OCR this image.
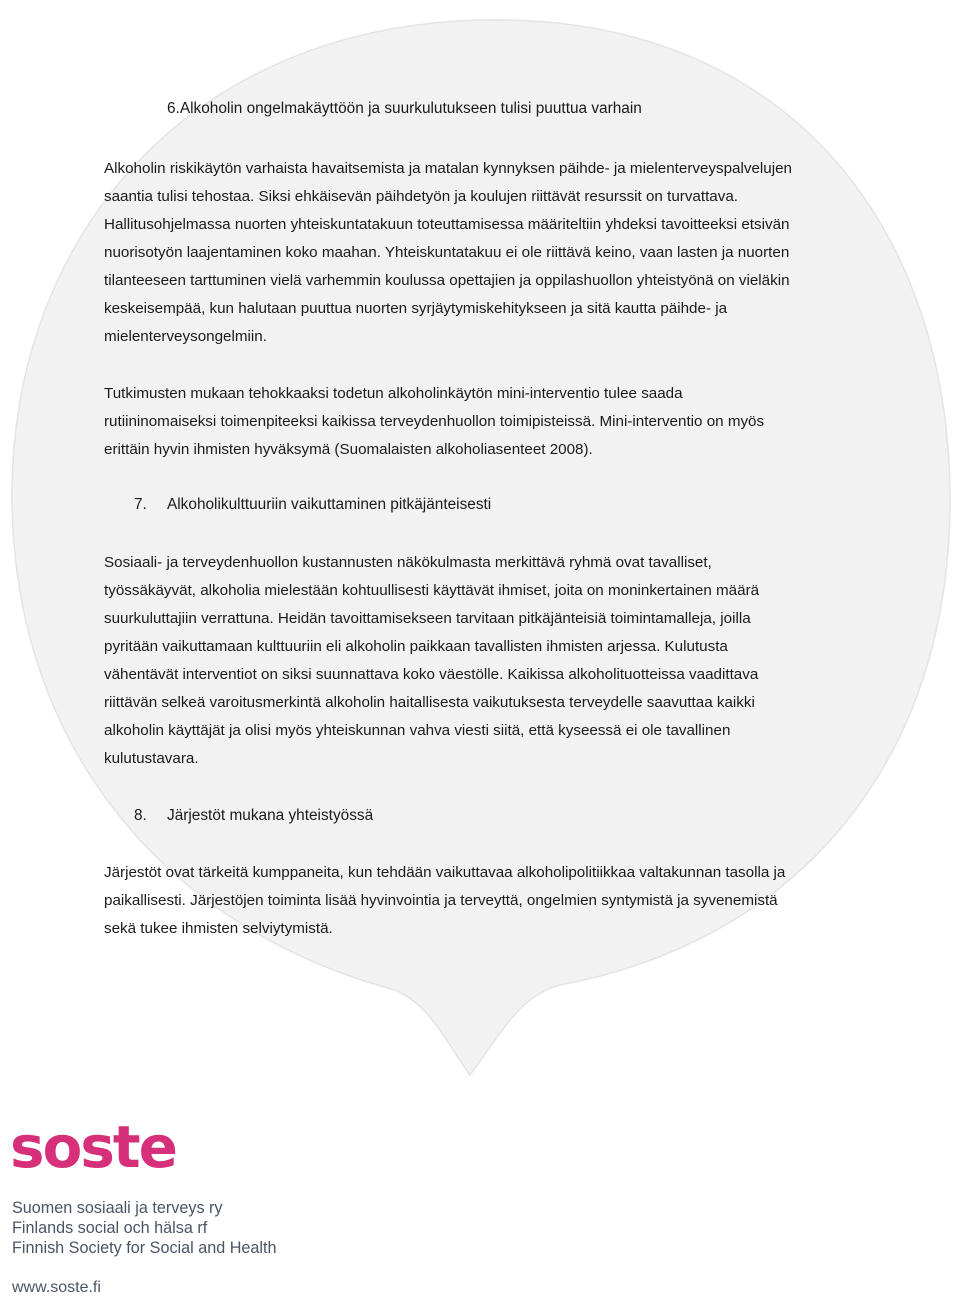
6.Alkoholin ongelmakäyttöön ja suurkulutukseen tulisi puuttua varhain

Alkoholin riskikäytön varhaista havaitsemista ja matalan kynnyksen päihde- ja mielenterveyspalvelujen

saantia tulisi tehostaa. Siksi ehkäisevän päihdetyön ja koulujen riittävät resurssit on turvattava.

Hallitusohjelmassa nuorten yhteiskuntatakuun toteuttamisessa määriteltiin yhdeksi tavoitteeksi etsivän

nuorisotyön laajentaminen koko maahan. Yhteiskuntatakuu ei ole riittävä keino, vaan lasten ja nuorten

tilanteeseen tarttuminen vielä varhemmin koulussa opettajien ja oppilashuollon yhteistyönä on vieläkin

keskeisempää, kun halutaan puuttua nuorten syrjäytymiskehitykseen ja sitä kautta päihde- ja

mielenterveysongelmiin.

Tutkimusten mukaan tehokkaaksi todetun alkoholinkäytön mini-interventio tulee saada

rutiininomaiseksi toimenpiteeksi kaikissa terveydenhuollon toimipisteissä. Mini-interventio on myös

erittäin hyvin ihmisten hyväksymä (Suomalaisten alkoholiasenteet 2008).

7. Alkoholikulttuuriin vaikuttaminen pitkäjänteisesti

Sosiaali- ja terveydenhuollon kustannusten näkökulmasta merkittävä ryhmä ovat tavalliset,

työssäkäyvät, alkoholia mielestään kohtuullisesti käyttävät ihmiset, joita on moninkertainen määrä

suurkuluttajiin verrattuna. Heidän tavoittamisekseen tarvitaan pitkäjänteisiä toimintamalleja, joilla

pyritään vaikuttamaan kulttuuriin eli alkoholin paikkaan tavallisten ihmisten arjessa. Kulutusta

vähentävät interventiot on siksi suunnattava koko väestölle. Kaikissa alkoholituotteissa vaadittava

riittävän selkeä varoitusmerkintä alkoholin haitallisesta vaikutuksesta terveydelle saavuttaa kaikki

alkoholin käyttäjät ja olisi myös yhteiskunnan vahva viesti siitä, että kyseessä ei ole tavallinen

kulutustavara.

8. Järjestöt mukana yhteistyössä

Järjestöt ovat tärkeitä kumppaneita, kun tehdään vaikuttavaa alkoholipolitiikkaa valtakunnan tasolla ja

paikallisesti. Järjestöjen toiminta lisää hyvinvointia ja terveyttä, ongelmien syntymistä ja syvenemistä

sekä tukee ihmisten selviytymistä.

soste
Suomen sosiaali ja terveys ry
Finlands social och hälsa rf
Finnish Society for Social and Health
www.soste.fi
